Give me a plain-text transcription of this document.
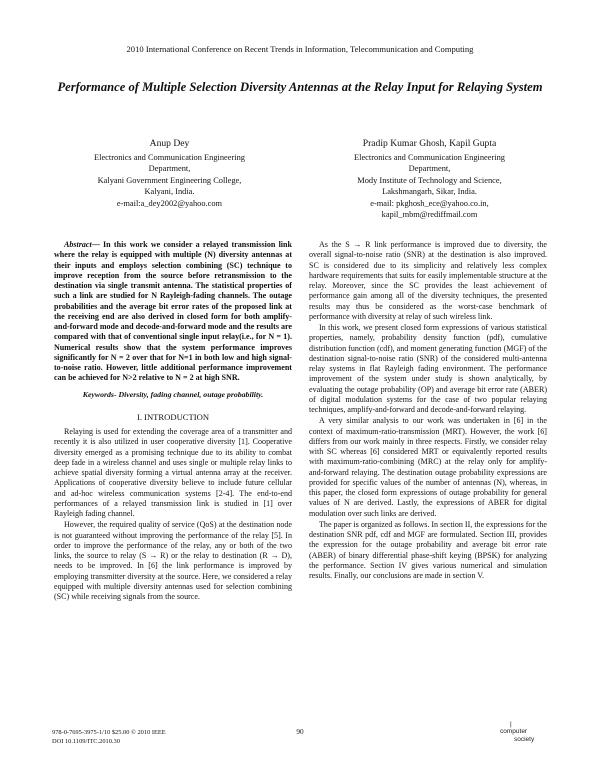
2010 International Conference on Recent Trends in Information, Telecommunication and Computing
Performance of Multiple Selection Diversity Antennas at the Relay Input for Relaying System
Anup Dey
Electronics and Communication Engineering
Department,
Kalyani Government Engineering College,
Kalyani, India.
e-mail:a_dey2002@yahoo.com
Pradip Kumar Ghosh, Kapil Gupta
Electronics and Communication Engineering
Department,
Mody Institute of Technology and Science,
Lakshmangarh, Sikar, India.
e-mail: pkghosh_ece@yahoo.co.in,
kapil_mbm@rediffmail.com

Abstract— In this work we consider a relayed transmission link where the relay is equipped with multiple (N) diversity antennas at their inputs and employs selection combining (SC) technique to improve reception from the source before retransmission to the destination via single transmit antenna. The statistical properties of such a link are studied for N Rayleigh-fading channels. The outage probabilities and the average bit error rates of the proposed link at the receiving end are also derived in closed form for both amplify-and-forward mode and decode-and-forward mode and the results are compared with that of conventional single input relay(i.e., for N = 1). Numerical results show that the system performance improves significantly for N = 2 over that for N=1 in both low and high signal-to-noise ratio. However, little additional performance improvement can be achieved for N>2 relative to N = 2 at high SNR.

Keywords- Diversity, fading channel, outage probability.

I. INTRODUCTION

Relaying is used for extending the coverage area of a transmitter and recently it is also utilized in user cooperative diversity [1]. Cooperative diversity emerged as a promising technique due to its ability to combat deep fade in a wireless channel and uses single or multiple relay links to achieve spatial diversity forming a virtual antenna array at the receiver. Applications of cooperative diversity believe to include future cellular and ad-hoc wireless communication systems [2-4]. The end-to-end performances of a relayed transmission link is studied in [1] over Rayleigh fading channel.

However, the required quality of service (QoS) at the destination node is not guaranteed without improving the performance of the relay [5]. In order to improve the performance of the relay, any or both of the two links, the source to relay (S → R) or the relay to destination (R → D), needs to be improved. In [6] the link performance is improved by employing transmitter diversity at the source. Here, we considered a relay equipped with multiple diversity antennas used for selection combining (SC) while receiving signals from the source.

As the S → R link performance is improved due to diversity, the overall signal-to-noise ratio (SNR) at the destination is also improved. SC is considered due to its simplicity and relatively less complex hardware requirements that suits for easily implementable structure at the relay. Moreover, since the SC provides the least achievement of performance gain among all of the diversity techniques, the presented results may thus be considered as the worst-case benchmark of performance with diversity at relay of such wireless link.

In this work, we present closed form expressions of various statistical properties, namely, probability density function (pdf), cumulative distribution function (cdf), and moment generating function (MGF) of the destination signal-to-noise ratio (SNR) of the considered multi-antenna relay systems in flat Rayleigh fading environment. The performance improvement of the system under study is shown analytically, by evaluating the outage probability (OP) and average bit error rate (ABER) of digital modulation systems for the case of two popular relaying techniques, amplify-and-forward and decode-and-forward relaying.

A very similar analysis to our work was undertaken in [6] in the context of maximum-ratio-transmission (MRT). However, the work [6] differs from our work mainly in three respects. Firstly, we consider relay with SC whereas [6] considered MRT or equivalently reported results with maximum-ratio-combining (MRC) at the relay only for amplify-and-forward relaying. The destination outage probability expressions are provided for specific values of the number of antennas (N), whereas, in this paper, the closed form expressions of outage probability for general values of N are derived. Lastly, the expressions of ABER for digital modulation over such links are derived.

The paper is organized as follows. In section II, the expressions for the destination SNR pdf, cdf and MGF are formulated. Section III, provides the expression for the outage probability and average bit error rate (ABER) of binary differential phase-shift keying (BPSK) for analyzing the performance. Section IV gives various numerical and simulation results. Finally, our conclusions are made in section V.

978-0-7695-3975-1/10 $25.00 © 2010 IEEE
DOI 10.1109/ITC.2010.30
90
|||
computer
society
